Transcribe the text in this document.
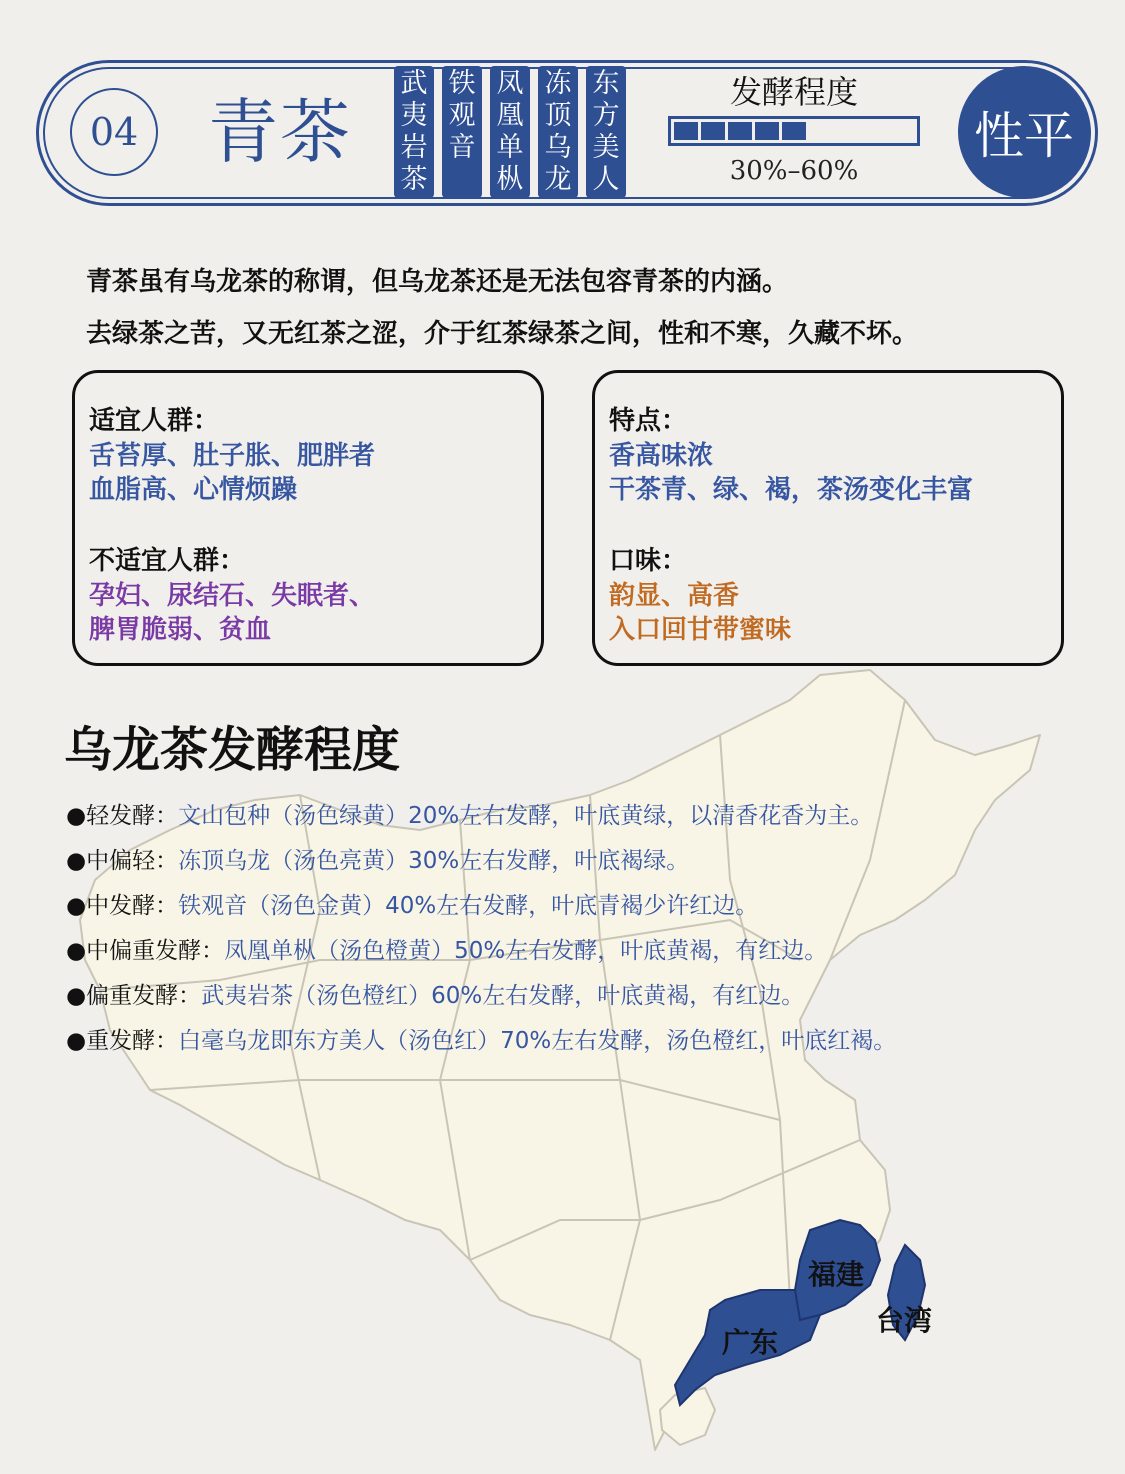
04 青茶
武
夷
岩
茶
铁
观
音
凤
凰
单
枞
冻
顶
乌
龙
东
方
美
人
发酵程度
30%–60%
性平
青茶虽有乌龙茶的称谓，但乌龙茶还是无法包容青茶的内涵。
去绿茶之苦，又无红茶之涩，介于红茶绿茶之间，性和不寒，久藏不坏。
适宜人群：
舌苔厚、肚子胀、肥胖者
血脂高、心情烦躁
不适宜人群：
孕妇、尿结石、失眠者、
脾胃脆弱、贫血
特点：
香高味浓
干茶青、绿、褐，茶汤变化丰富
口味：
韵显、高香
入口回甘带蜜味
福建
广东
台湾
乌龙茶发酵程度
●轻发酵：文山包种（汤色绿黄）20%左右发酵，叶底黄绿，以清香花香为主。
●中偏轻：冻顶乌龙（汤色亮黄）30%左右发酵，叶底褐绿。
●中发酵：铁观音（汤色金黄）40%左右发酵，叶底青褐少许红边。
●中偏重发酵：凤凰单枞（汤色橙黄）50%左右发酵，叶底黄褐，有红边。
●偏重发酵：武夷岩茶（汤色橙红）60%左右发酵，叶底黄褐，有红边。
●重发酵：白毫乌龙即东方美人（汤色红）70%左右发酵，汤色橙红，叶底红褐。
